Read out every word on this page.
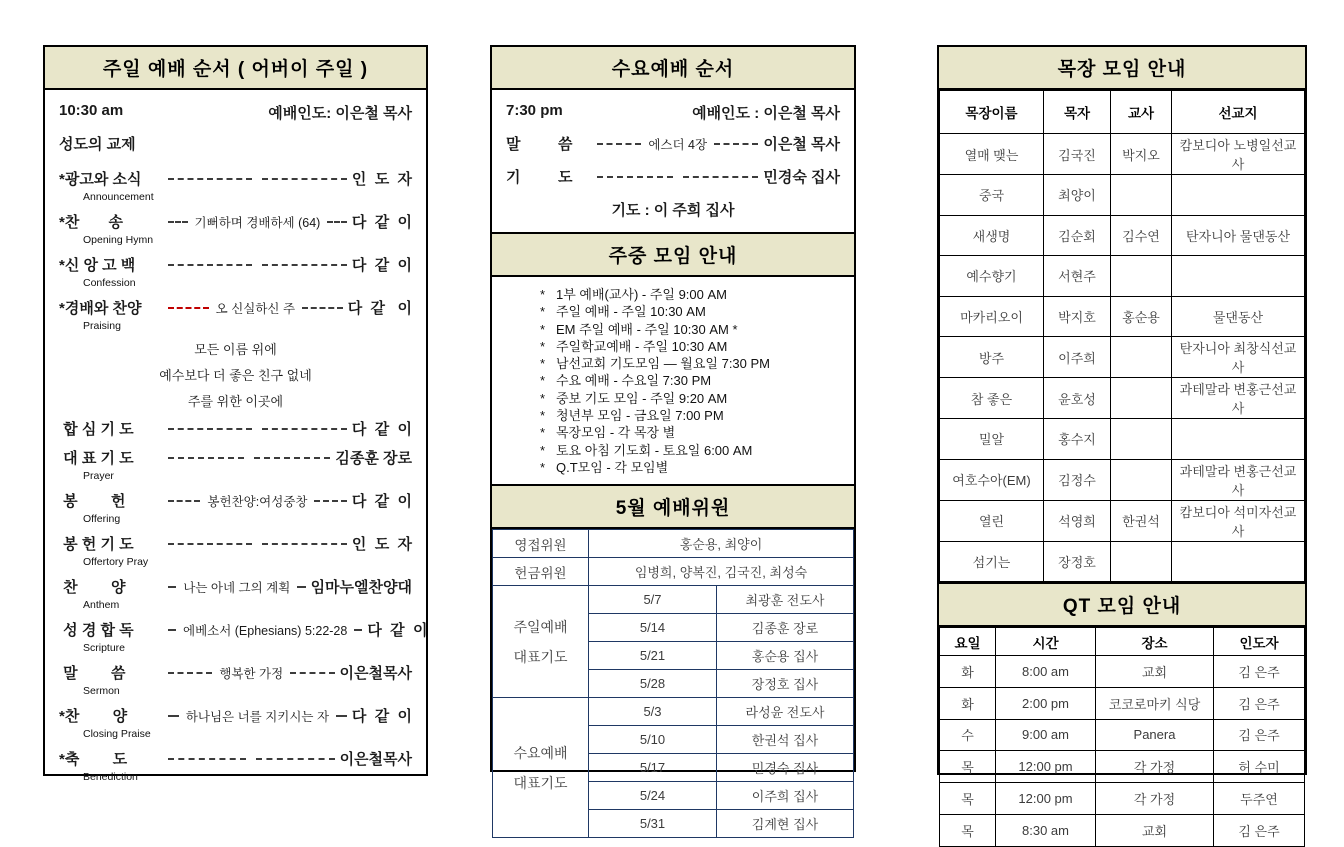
주일 예배 순서 ( 어버이 주일 )
10:30 am	예배인도: 이은철 목사
성도의 교제
*광고와 소식	인  도  자
Announcement
*찬       송	기뻐하며 경배하세 (64) 다  같  이
Opening Hymn
*신 앙 고 백	다  같  이
Confession
*경배와 찬양	오 신실하신 주	다  같   이
Praising
모든 이름 위에
예수보다 더 좋은 친구 없네
주를 위한 이곳에
합 심 기 도	다  같  이
대 표 기 도	김종훈 장로
Prayer
봉        헌	봉헌찬양:여성중창	다  같  이
Offering
봉 헌 기 도	인  도  자
Offertory Pray
찬        양	나는 아네 그의 계획 임마누엘찬양대
Anthem
성 경 합 독	에베소서 (Ephesians) 5:22-28 다  같  이
Scripture
말        씀	행복한 가정	이은철목사
Sermon
*찬        양	하나님은 너를 지키시는 자 다  같  이
Closing Praise
*축        도	이은철목사
Benediction
수요예배 순서
7:30 pm	예배인도 : 이은철 목사
말         씀	에스더 4장	이은철 목사
기         도	민경숙 집사
기도 : 이 주희 집사
주중 모임 안내
* 1부 예배(교사) - 주일 9:00 AM
* 주일 예배 - 주일 10:30 AM
* EM 주일 예배 - 주일 10:30 AM *
* 주일학교예배 - 주일 10:30 AM
* 남선교회 기도모임 — 월요일 7:30 PM
* 수요 예배 - 수요일 7:30 PM
* 중보 기도 모임 - 주일 9:20 AM
* 청년부 모임 - 금요일 7:00 PM
* 목장모임 - 각 목장 별
* 토요 아침 기도회 - 토요일 6:00 AM
* Q.T모임 - 각 모임별
5월 예배위원
영접위원	홍순용, 최양이	
헌금위원	임병희, 양복진, 김국진, 최성숙	

주일예배
대표기도	5/7	최광훈 전도사
	5/14	김종훈 장로
	5/21	홍순용 집사
	5/28	장정호 집사

수요예배
대표기도	5/3	라성윤 전도사
	5/10	한권석 집사
	5/17	민경숙 집사
	5/24	이주희 집사
	5/31	김계현 집사
목장 모임 안내
목장이름	목자	교사	선교지
열매 맺는	김국진	박지오	캄보디아 노병일선교사
중국	최양이		
새생명	김순회	김수연	탄자니아 물댄동산
예수향기	서현주		
마카리오이	박지호	홍순용	물댄동산
방주	이주희		탄자니아 최창식선교사
참 좋은	윤호성		과테말라 변홍근선교사
밀알	홍수지		
여호수아(EM)	김정수		과테말라 변홍근선교사
열린	석영희	한권석	캄보디아 석미자선교사
섬기는	장정호		
QT 모임 안내
요일	시간	장소	인도자
화	8:00 am	교회	김 은주
화	2:00 pm	코코로마키 식당	김 은주
수	9:00 am	Panera	김 은주
목	12:00 pm	각 가정	허 수미
목	12:00 pm	각 가정	두주연
목	8:30 am	교회	김 은주
